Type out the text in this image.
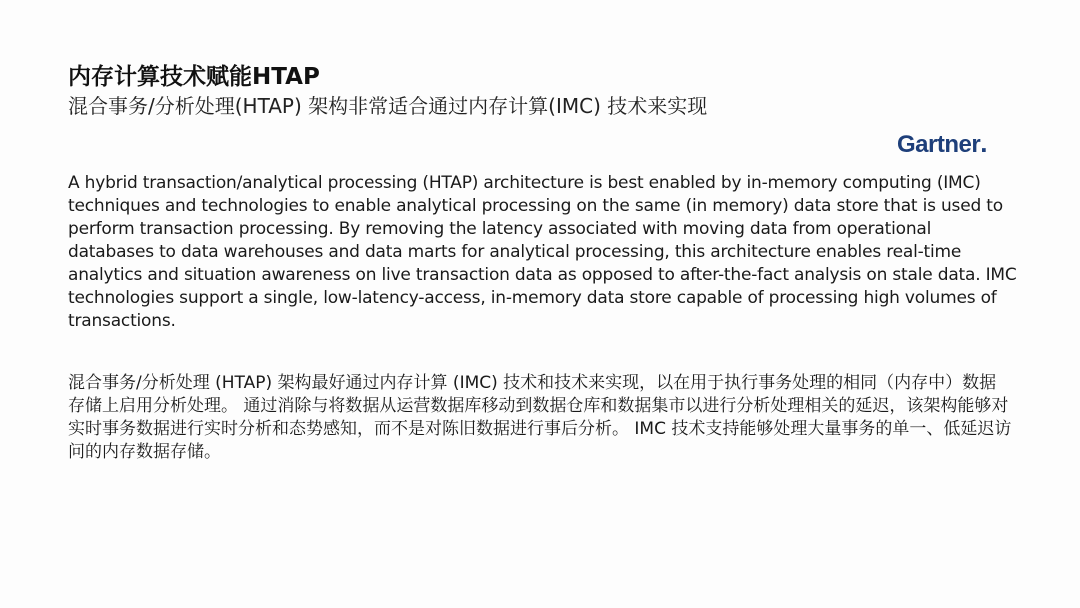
内存计算技术赋能HTAP
混合事务/分析处理(HTAP) 架构非常适合通过内存计算(IMC) 技术来实现
Gartner.
A hybrid transaction/analytical processing (HTAP) architecture is best enabled by in-memory computing (IMC) techniques and technologies to enable analytical processing on the same (in memory) data store that is used to perform transaction processing. By removing the latency associated with moving data from operational databases to data warehouses and data marts for analytical processing, this architecture enables real-time analytics and situation awareness on live transaction data as opposed to after-the-fact analysis on stale data. IMC technologies support a single, low-latency-access, in-memory data store capable of processing high volumes of transactions.
混合事务/分析处理 (HTAP) 架构最好通过内存计算 (IMC) 技术和技术来实现，以在用于执行事务处理的相同（内存中）数据存储上启用分析处理。 通过消除与将数据从运营数据库移动到数据仓库和数据集市以进行分析处理相关的延迟，该架构能够对实时事务数据进行实时分析和态势感知，而不是对陈旧数据进行事后分析。 IMC 技术支持能够处理大量事务的单一、低延迟访问的内存数据存储。
